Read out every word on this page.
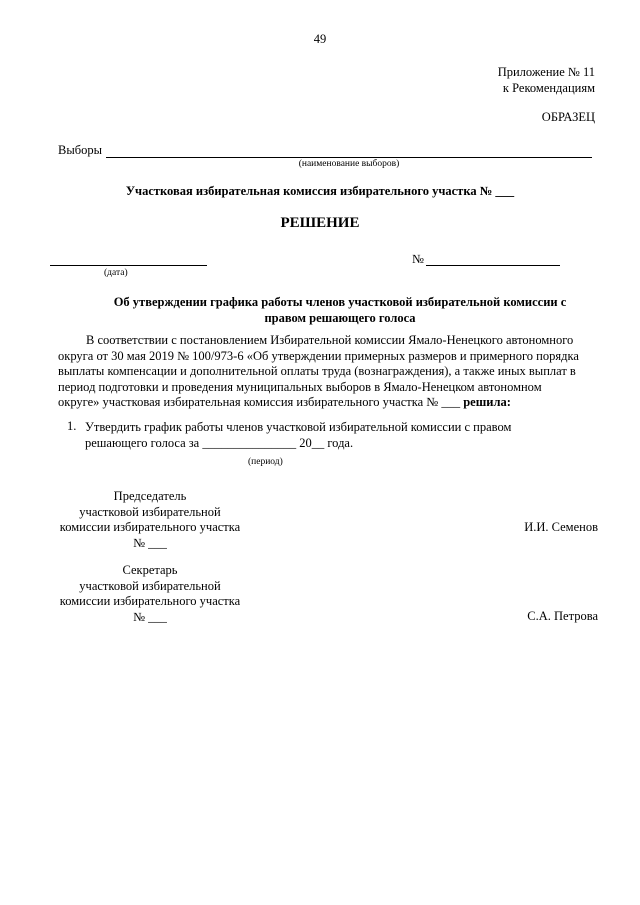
49
Приложение № 11
к Рекомендациям
ОБРАЗЕЦ
Выборы
(наименование выборов)
Участковая избирательная комиссия избирательного участка № ___
РЕШЕНИЕ
(дата)
№
Об утверждении графика работы членов участковой избирательной комиссии с
правом решающего голоса
В соответствии с постановлением Избирательной комиссии Ямало-Ненецкого автономного
округа от 30 мая 2019 № 100/973-6 «Об утверждении примерных размеров и примерного порядка
выплаты компенсации и дополнительной оплаты труда (вознаграждения), а также иных выплат в
период подготовки и проведения муниципальных выборов в Ямало-Ненецком автономном
округе» участковая избирательная комиссия избирательного участка № ___ решила:
1. Утвердить график работы членов участковой избирательной комиссии с правом
решающего голоса за _______________ 20__ года.
(период)
Председатель
участковой избирательной
комиссии избирательного участка
№ ___
И.И. Семенов
Секретарь
участковой избирательной
комиссии избирательного участка
№ ___	С.А. Петрова
